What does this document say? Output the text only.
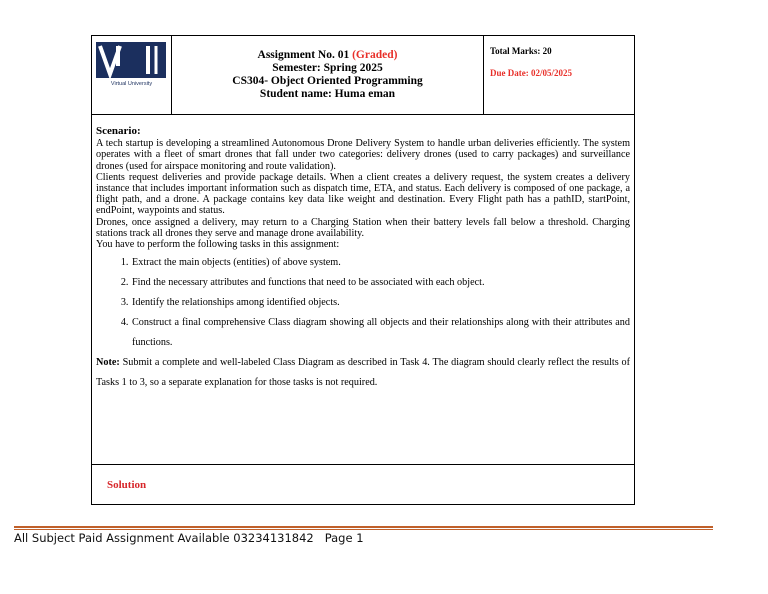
Virtual University
Assignment No. 01 (Graded)
Semester: Spring 2025
CS304- Object Oriented Programming
Student name: Huma eman
Total Marks: 20
Due Date: 02/05/2025

Scenario:

A tech startup is developing a streamlined Autonomous Drone Delivery System to handle urban deliveries efficiently. The system operates with a fleet of smart drones that fall under two categories: delivery drones (used to carry packages) and surveillance drones (used for airspace monitoring and route validation).

Clients request deliveries and provide package details. When a client creates a delivery request, the system creates a delivery instance that includes important information such as dispatch time, ETA, and status. Each delivery is composed of one package, a flight path, and a drone. A package contains key data like weight and destination. Every Flight path has a pathID, startPoint, endPoint, waypoints and status.

Drones, once assigned a delivery, may return to a Charging Station when their battery levels fall below a threshold. Charging stations track all drones they serve and manage drone availability.

You have to perform the following tasks in this assignment:

1. Extract the main objects (entities) of above system.
2. Find the necessary attributes and functions that need to be associated with each object.
3. Identify the relationships among identified objects.
4. Construct a final comprehensive Class diagram showing all objects and their relationships along with their attributes and functions.

Note: Submit a complete and well-labeled Class Diagram as described in Task 4. The diagram should clearly reflect the results of Tasks 1 to 3, so a separate explanation for those tasks is not required.

Solution
All Subject Paid Assignment Available 03234131842 Page 1
